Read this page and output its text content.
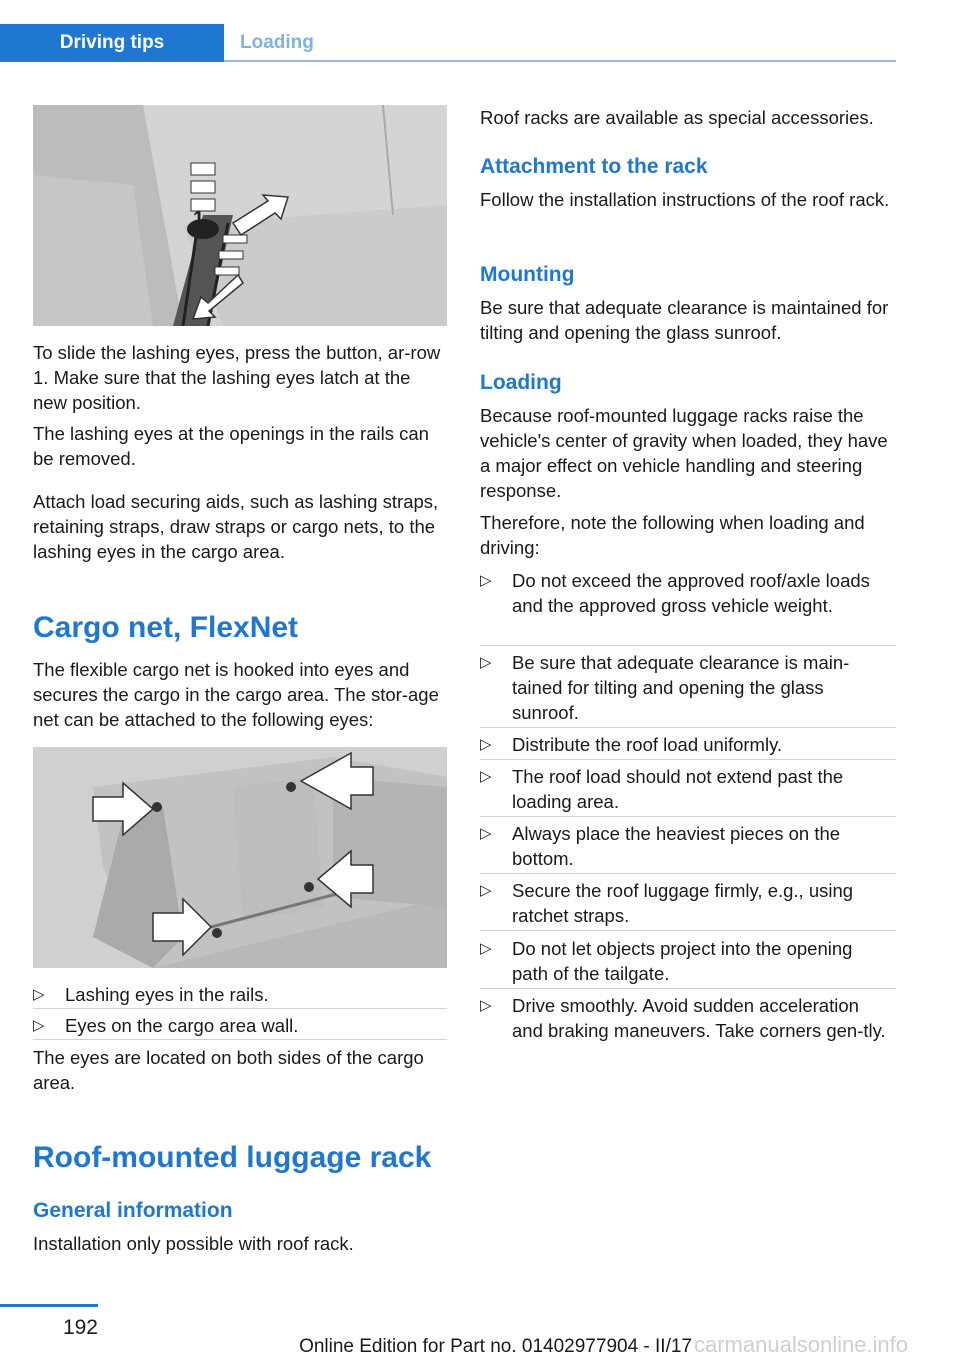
Driving tips	Loading
1

To slide the lashing eyes, press the button, ar‐row 1. Make sure that the lashing eyes latch at the new position.

The lashing eyes at the openings in the rails can be removed.

Attach load securing aids, such as lashing straps, retaining straps, draw straps or cargo nets, to the lashing eyes in the cargo area.

Cargo net, FlexNet

The flexible cargo net is hooked into eyes and secures the cargo in the cargo area. The stor‐age net can be attached to the following eyes:

▷ Lashing eyes in the rails.
▷ Eyes on the cargo area wall.

The eyes are located on both sides of the cargo area.

Roof-mounted luggage rack
General information

Installation only possible with roof rack.

Roof racks are available as special accessories.

Attachment to the rack

Follow the installation instructions of the roof rack.

Mounting

Be sure that adequate clearance is maintained for tilting and opening the glass sunroof.

Loading

Because roof-mounted luggage racks raise the vehicle's center of gravity when loaded, they have a major effect on vehicle handling and steering response.

Therefore, note the following when loading and driving:

▷ Do not exceed the approved roof/axle loads and the approved gross vehicle weight.
▷ Be sure that adequate clearance is main‐tained for tilting and opening the glass sunroof.
▷ Distribute the roof load uniformly.
▷ The roof load should not extend past the loading area.
▷ Always place the heaviest pieces on the bottom.
▷ Secure the roof luggage firmly, e.g., using ratchet straps.
▷ Do not let objects project into the opening path of the tailgate.
▷ Drive smoothly. Avoid sudden acceleration and braking maneuvers. Take corners gen‐tly.
192
carmanualsonline.info
Online Edition for Part no. 01402977904 - II/17
